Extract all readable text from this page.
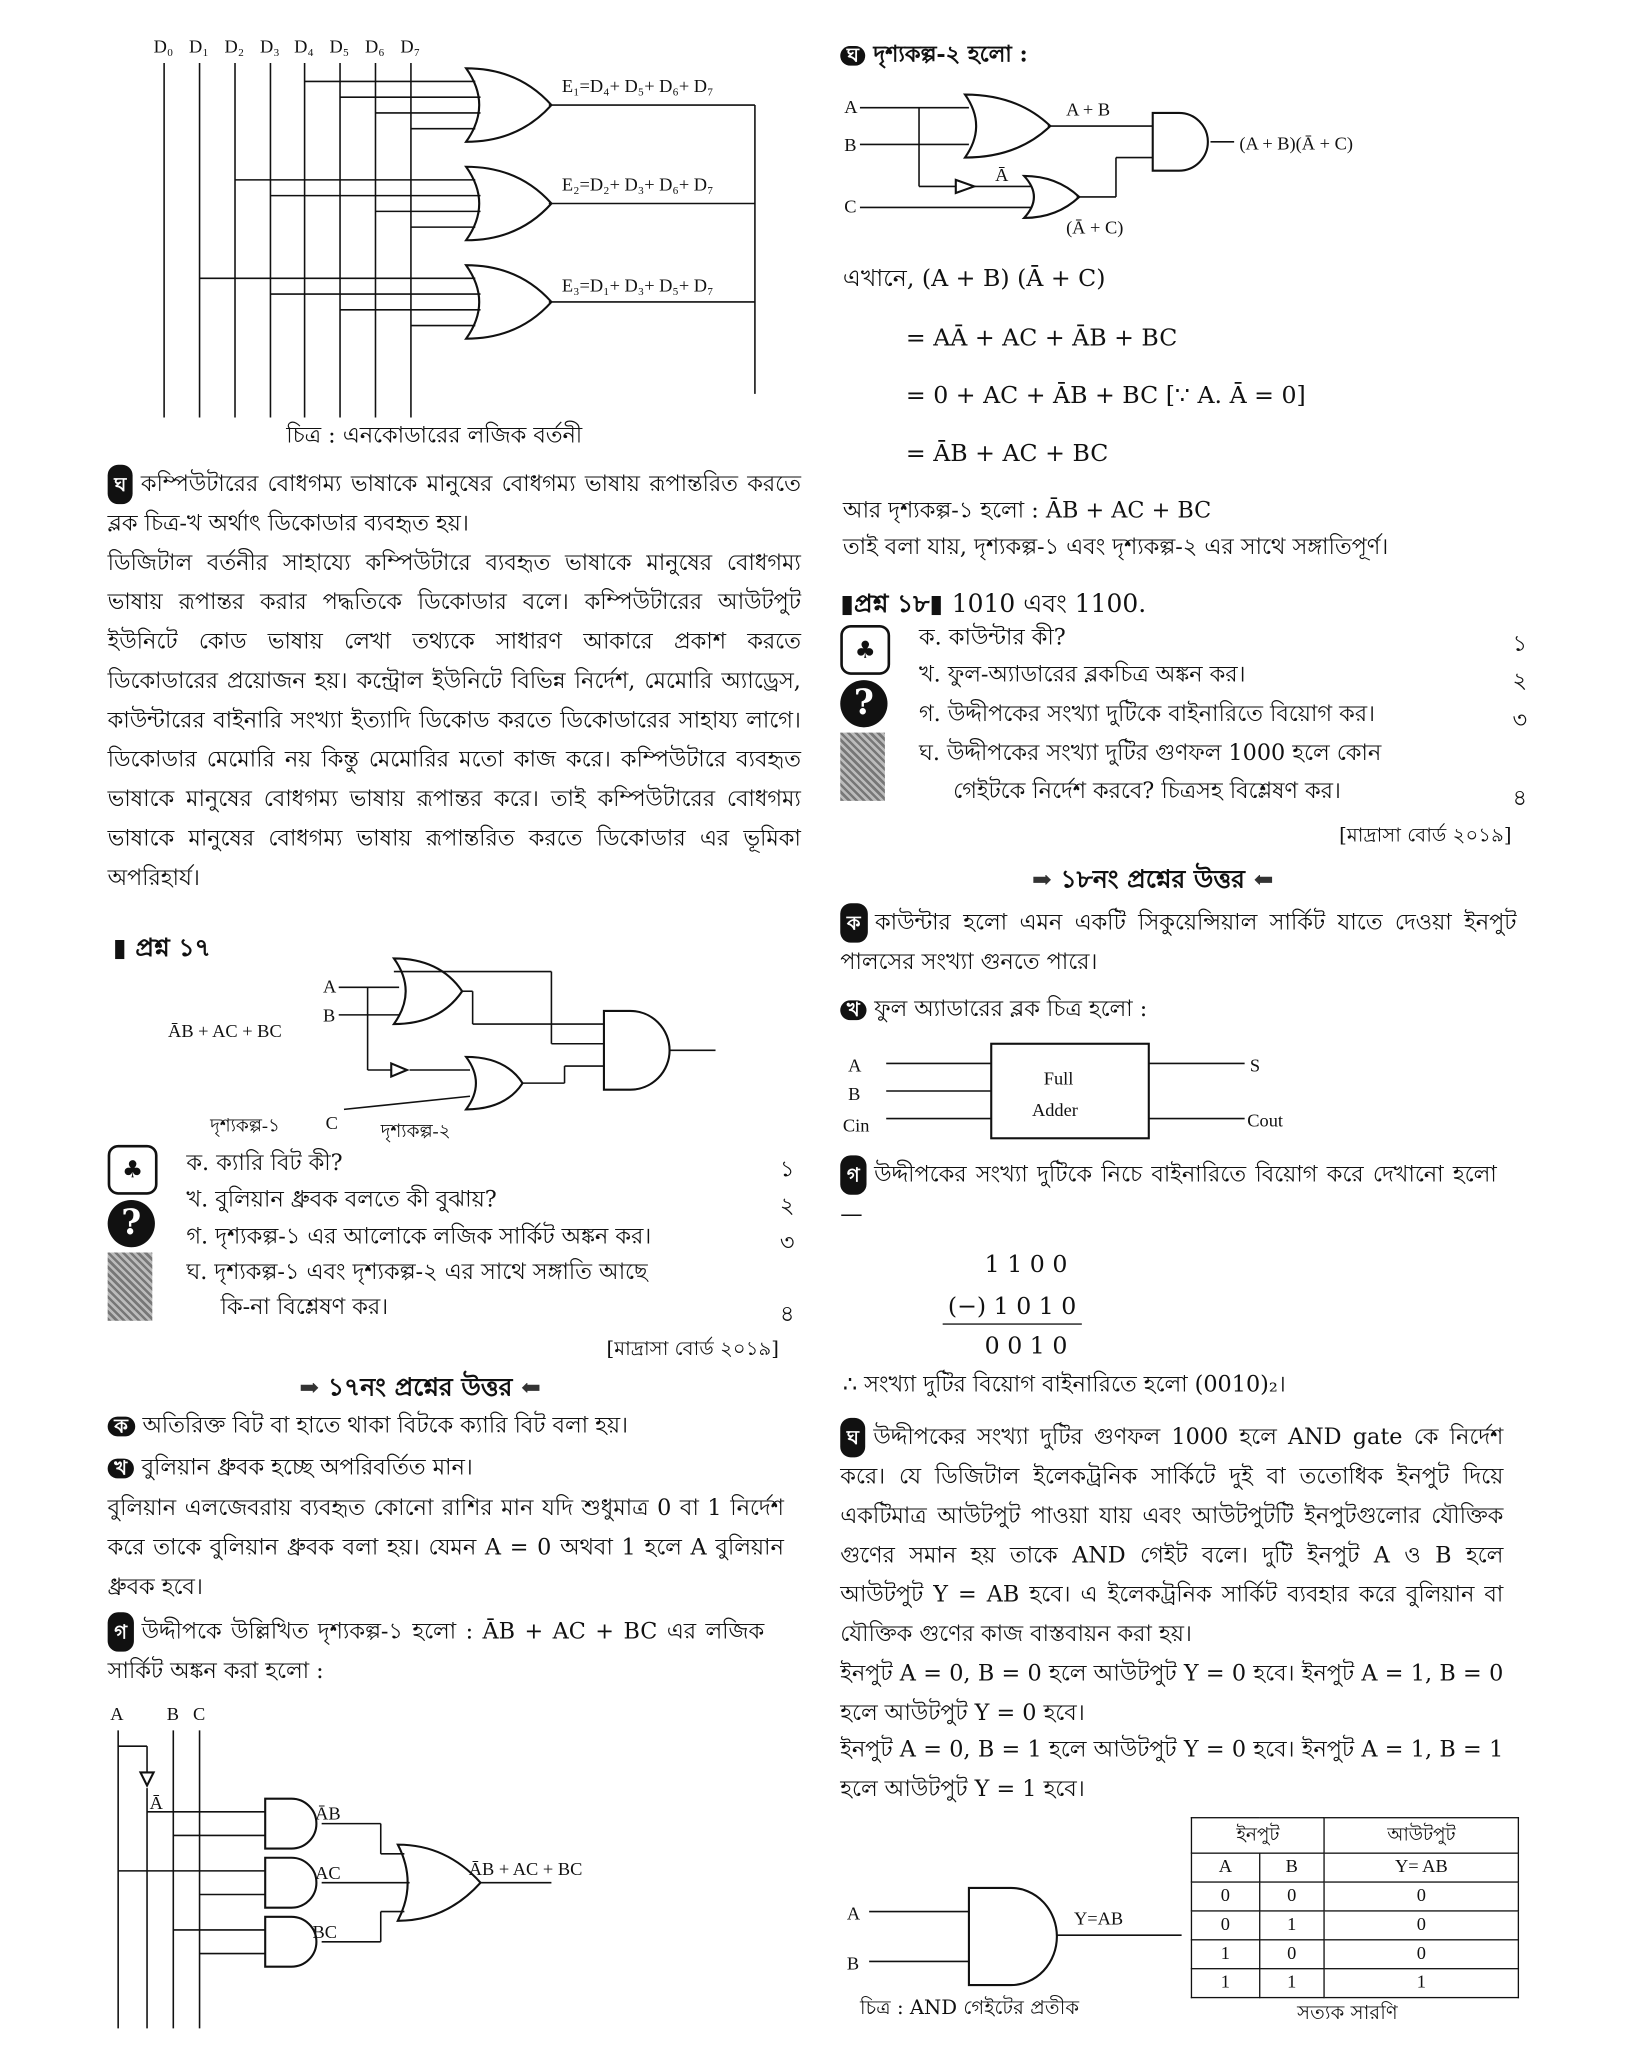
D₀ D₁ D₂ D₃ D₄ D₅ D₆ D₇
E₁=D₄+ D₅+ D₆+ D₇
E₂=D₂+ D₃+ D₆+ D₇
E₃=D₁+ D₃+ D₅+ D₇
চিত্র : এনকোডারের লজিক বর্তনী
ঘ কম্পিউটারের বোধগম্য ভাষাকে মানুষের বোধগম্য ভাষায় রূপান্তরিত করতে ব্লক চিত্র-খ অর্থাৎ ডিকোডার ব্যবহৃত হয়।
ডিজিটাল বর্তনীর সাহায্যে কম্পিউটারে ব্যবহৃত ভাষাকে মানুষের বোধগম্য ভাষায় রূপান্তর করার পদ্ধতিকে ডিকোডার বলে। কম্পিউটারের আউটপুট ইউনিটে কোড ভাষায় লেখা তথ্যকে সাধারণ আকারে প্রকাশ করতে ডিকোডারের প্রয়োজন হয়। কন্ট্রোল ইউনিটে বিভিন্ন নির্দেশ, মেমোরি অ্যাড্রেস, কাউন্টারের বাইনারি সংখ্যা ইত্যাদি ডিকোড করতে ডিকোডারের সাহায্য লাগে। ডিকোডার মেমোরি নয় কিন্তু মেমোরির মতো কাজ করে। কম্পিউটারে ব্যবহৃত ভাষাকে মানুষের বোধগম্য ভাষায় রূপান্তর করে। তাই কম্পিউটারের বোধগম্য ভাষাকে মানুষের বোধগম্য ভাষায় রূপান্তরিত করতে ডিকোডার এর ভূমিকা অপরিহার্য।
▮ প্রশ্ন ১৭
ĀB + AC + BC
A
B
C
দৃশ্যকল্প-১	দৃশ্যকল্প-২
♣
?
ক. ক্যারি বিট কী?	১
খ. বুলিয়ান ধ্রুবক বলতে কী বুঝায়?	২
গ. দৃশ্যকল্প-১ এর আলোকে লজিক সার্কিট অঙ্কন কর।	৩
ঘ. দৃশ্যকল্প-১ এবং দৃশ্যকল্প-২ এর সাথে সঙ্গাতি আছে
কি-না বিশ্লেষণ কর।	৪
[মাদ্রাসা বোর্ড ২০১৯]
➡ ১৭নং প্রশ্নের উত্তর ⬅
ক অতিরিক্ত বিট বা হাতে থাকা বিটকে ক্যারি বিট বলা হয়।
খ বুলিয়ান ধ্রুবক হচ্ছে অপরিবর্তিত মান।
বুলিয়ান এলজেবরায় ব্যবহৃত কোনো রাশির মান যদি শুধুমাত্র 0 বা 1 নির্দেশ করে তাকে বুলিয়ান ধ্রুবক বলা হয়। যেমন A = 0 অথবা 1 হলে A বুলিয়ান ধ্রুবক হবে।
গ উদ্দীপকে উল্লিখিত দৃশ্যকল্প-১ হলো : ĀB + AC + BC এর লজিক সার্কিট অঙ্কন করা হলো :
A	B C
Ā
ĀB
AC
BC
ĀB + AC + BC
ঘ দৃশ্যকল্প-২ হলো :
A
B
C
A + B
Ā
(Ā + C)
(A + B)(Ā + C)
এখানে, (A + B) (Ā + C)
= AĀ + AC + ĀB + BC
= 0 + AC + ĀB + BC [∵ A. Ā = 0]
= ĀB + AC + BC
আর দৃশ্যকল্প-১ হলো : ĀB + AC + BC
তাই বলা যায়, দৃশ্যকল্প-১ এবং দৃশ্যকল্প-২ এর সাথে সঙ্গাতিপূর্ণ।
▮প্রশ্ন ১৮▮ 1010 এবং 1100.
♣
?
ক. কাউন্টার কী?	১
খ. ফুল-অ্যাডারের ব্লকচিত্র অঙ্কন কর।	২
গ. উদ্দীপকের সংখ্যা দুটিকে বাইনারিতে বিয়োগ কর।	৩
ঘ. উদ্দীপকের সংখ্যা দুটির গুণফল 1000 হলে কোন
গেইটকে নির্দেশ করবে? চিত্রসহ বিশ্লেষণ কর।	৪
[মাদ্রাসা বোর্ড ২০১৯]
➡ ১৮নং প্রশ্নের উত্তর ⬅
ক কাউন্টার হলো এমন একটি সিকুয়েন্সিয়াল সার্কিট যাতে দেওয়া ইনপুট পালসের সংখ্যা গুনতে পারে।
খ ফুল অ্যাডারের ব্লক চিত্র হলো :
A
B
Cin
Full
Adder
S
Cout
গ উদ্দীপকের সংখ্যা দুটিকে নিচে বাইনারিতে বিয়োগ করে দেখানো হলো—
1 1 0 0
(−) 1 0 1 0
0 0 1 0
∴ সংখ্যা দুটির বিয়োগ বাইনারিতে হলো (0010)₂।
ঘ উদ্দীপকের সংখ্যা দুটির গুণফল 1000 হলে AND gate কে নির্দেশ করে। যে ডিজিটাল ইলেকট্রনিক সার্কিটে দুই বা ততোধিক ইনপুট দিয়ে একটিমাত্র আউটপুট পাওয়া যায় এবং আউটপুটটি ইনপুটগুলোর যৌক্তিক গুণের সমান হয় তাকে AND গেইট বলে। দুটি ইনপুট A ও B হলে আউটপুট Y = AB হবে। এ ইলেকট্রনিক সার্কিট ব্যবহার করে বুলিয়ান বা যৌক্তিক গুণের কাজ বাস্তবায়ন করা হয়।
ইনপুট A = 0, B = 0 হলে আউটপুট Y = 0 হবে। ইনপুট A = 1, B = 0 হলে আউটপুট Y = 0 হবে।
ইনপুট A = 0, B = 1 হলে আউটপুট Y = 0 হবে। ইনপুট A = 1, B = 1 হলে আউটপুট Y = 1 হবে।
A
B
Y=AB
চিত্র : AND গেইটের প্রতীক
ইনপুট		আউটপুট
A	B	Y= AB
0	0	0
0	1	0
1	0	0
1	1	1
সত্যক সারণি
